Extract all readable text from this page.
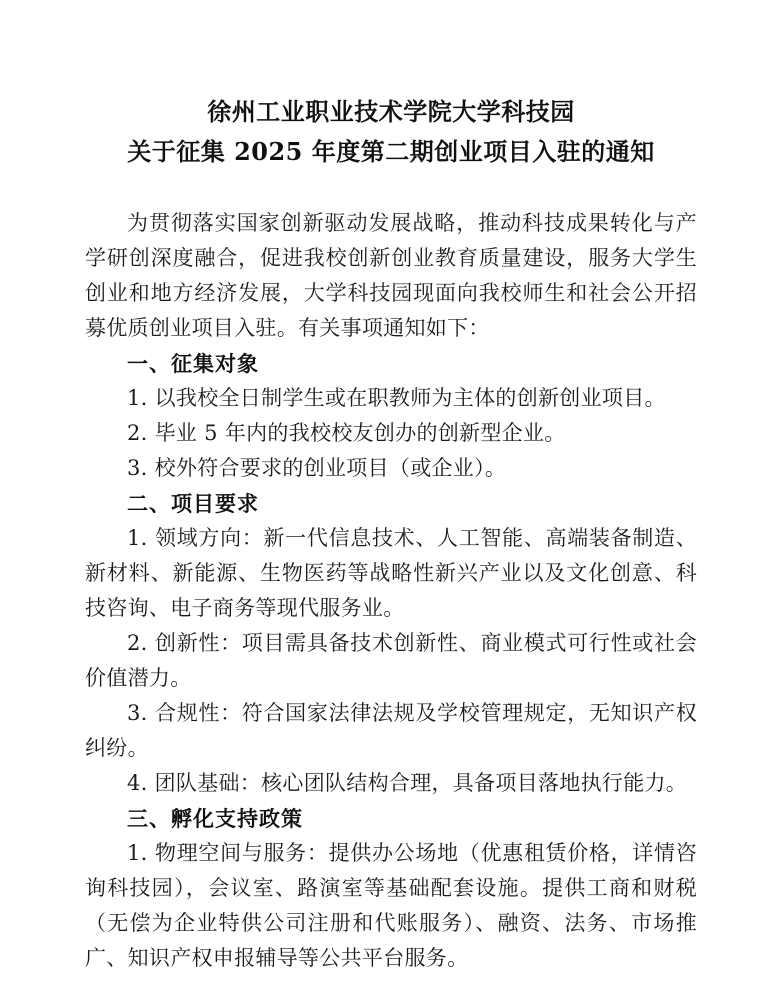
徐州工业职业技术学院大学科技园
关于征集 2025 年度第二期创业项目入驻的通知

为贯彻落实国家创新驱动发展战略，推动科技成果转化与产学研创深度融合，促进我校创新创业教育质量建设，服务大学生创业和地方经济发展，大学科技园现面向我校师生和社会公开招募优质创业项目入驻。有关事项通知如下：

一、征集对象

1. 以我校全日制学生或在职教师为主体的创新创业项目。

2. 毕业 5 年内的我校校友创办的创新型企业。

3. 校外符合要求的创业项目（或企业）。

二、项目要求

1. 领域方向：新一代信息技术、人工智能、高端装备制造、新材料、新能源、生物医药等战略性新兴产业以及文化创意、科技咨询、电子商务等现代服务业。

2. 创新性：项目需具备技术创新性、商业模式可行性或社会价值潜力。

3. 合规性：符合国家法律法规及学校管理规定，无知识产权纠纷。

4. 团队基础：核心团队结构合理，具备项目落地执行能力。

三、孵化支持政策

1. 物理空间与服务：提供办公场地（优惠租赁价格，详情咨询科技园），会议室、路演室等基础配套设施。提供工商和财税（无偿为企业特供公司注册和代账服务）、融资、法务、市场推广、知识产权申报辅导等公共平台服务。
